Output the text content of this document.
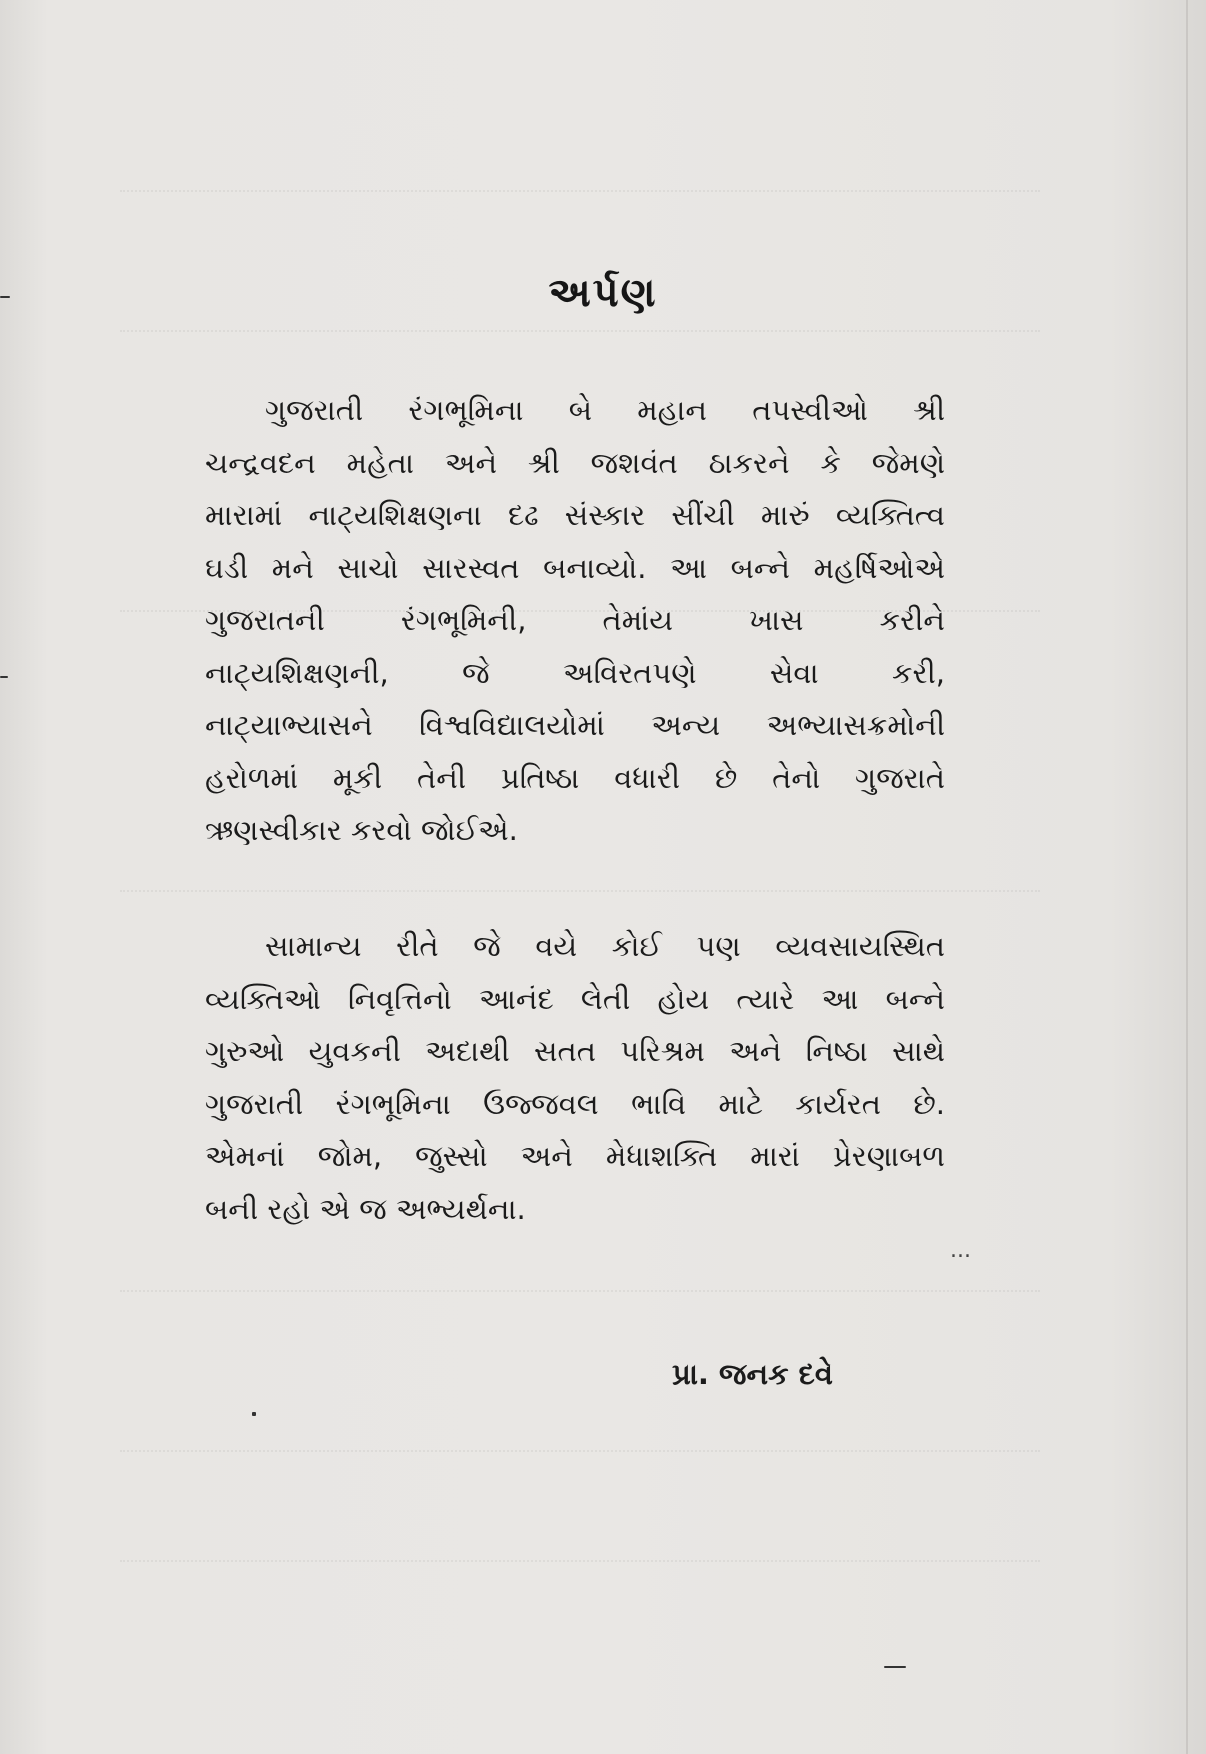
અર્પણ
ગુજરાતી રંગભૂમિના બે મહાન તપસ્વીઓ શ્રી
ચન્દ્રવદન મહેતા અને શ્રી જશવંત ઠાકરને કે જેમણે
મારામાં નાટ્યશિક્ષણના દઢ સંસ્કાર સીંચી મારું વ્યક્તિત્વ
ઘડી મને સાચો સારસ્વત બનાવ્યો. આ બન્ને મહર્ષિઓએ
ગુજરાતની રંગભૂમિની, તેમાંય ખાસ કરીને
નાટ્યશિક્ષણની, જે અવિરતપણે સેવા કરી,
નાટ્યાભ્યાસને વિશ્વવિદ્યાલયોમાં અન્ય અભ્યાસક્રમોની
હરોળમાં મૂકી તેની પ્રતિષ્ઠા વધારી છે તેનો ગુજરાતે
ઋણસ્વીકાર કરવો જોઈએ.
સામાન્ય રીતે જે વયે કોઈ પણ વ્યવસાયસ્થિત
વ્યક્તિઓ નિવૃત્તિનો આનંદ લેતી હોય ત્યારે આ બન્ને
ગુરુઓ યુવકની અદાથી સતત પરિશ્રમ અને નિષ્ઠા સાથે
ગુજરાતી રંગભૂમિના ઉજ્જવલ ભાવિ માટે કાર્યરત છે.
એમનાં જોમ, જુસ્સો અને મેધાશક્તિ મારાં પ્રેરણાબળ
બની રહો એ જ અભ્યર્થના.
...
પ્રા. જનક દવે
